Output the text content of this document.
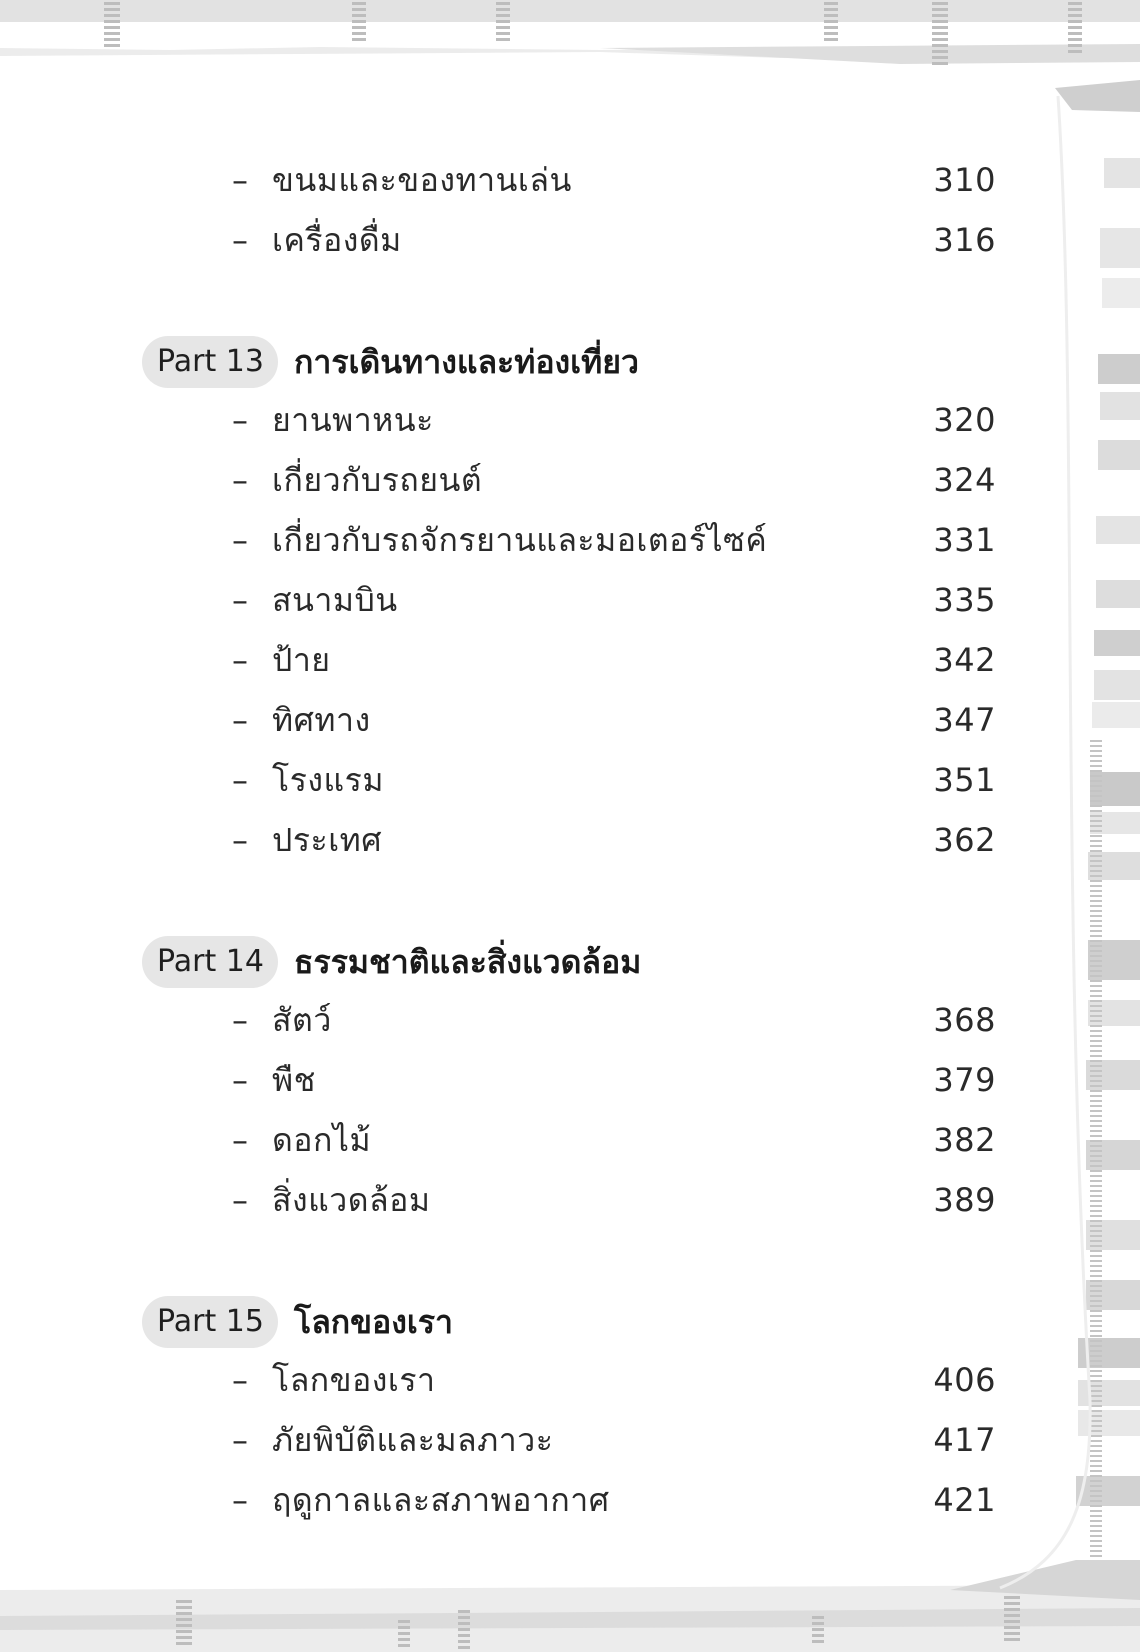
– ขนมและของทานเล่น	310
– เครื่องดื่ม	316
Part 13 การเดินทางและท่องเที่ยว
– ยานพาหนะ	320
– เกี่ยวกับรถยนต์	324
– เกี่ยวกับรถจักรยานและมอเตอร์ไซค์	331
– สนามบิน	335
– ป้าย	342
– ทิศทาง	347
– โรงแรม	351
– ประเทศ	362
Part 14 ธรรมชาติและสิ่งแวดล้อม
– สัตว์	368
– พืช	379
– ดอกไม้	382
– สิ่งแวดล้อม	389
Part 15 โลกของเรา
– โลกของเรา	406
– ภัยพิบัติและมลภาวะ	417
– ฤดูกาลและสภาพอากาศ	421
